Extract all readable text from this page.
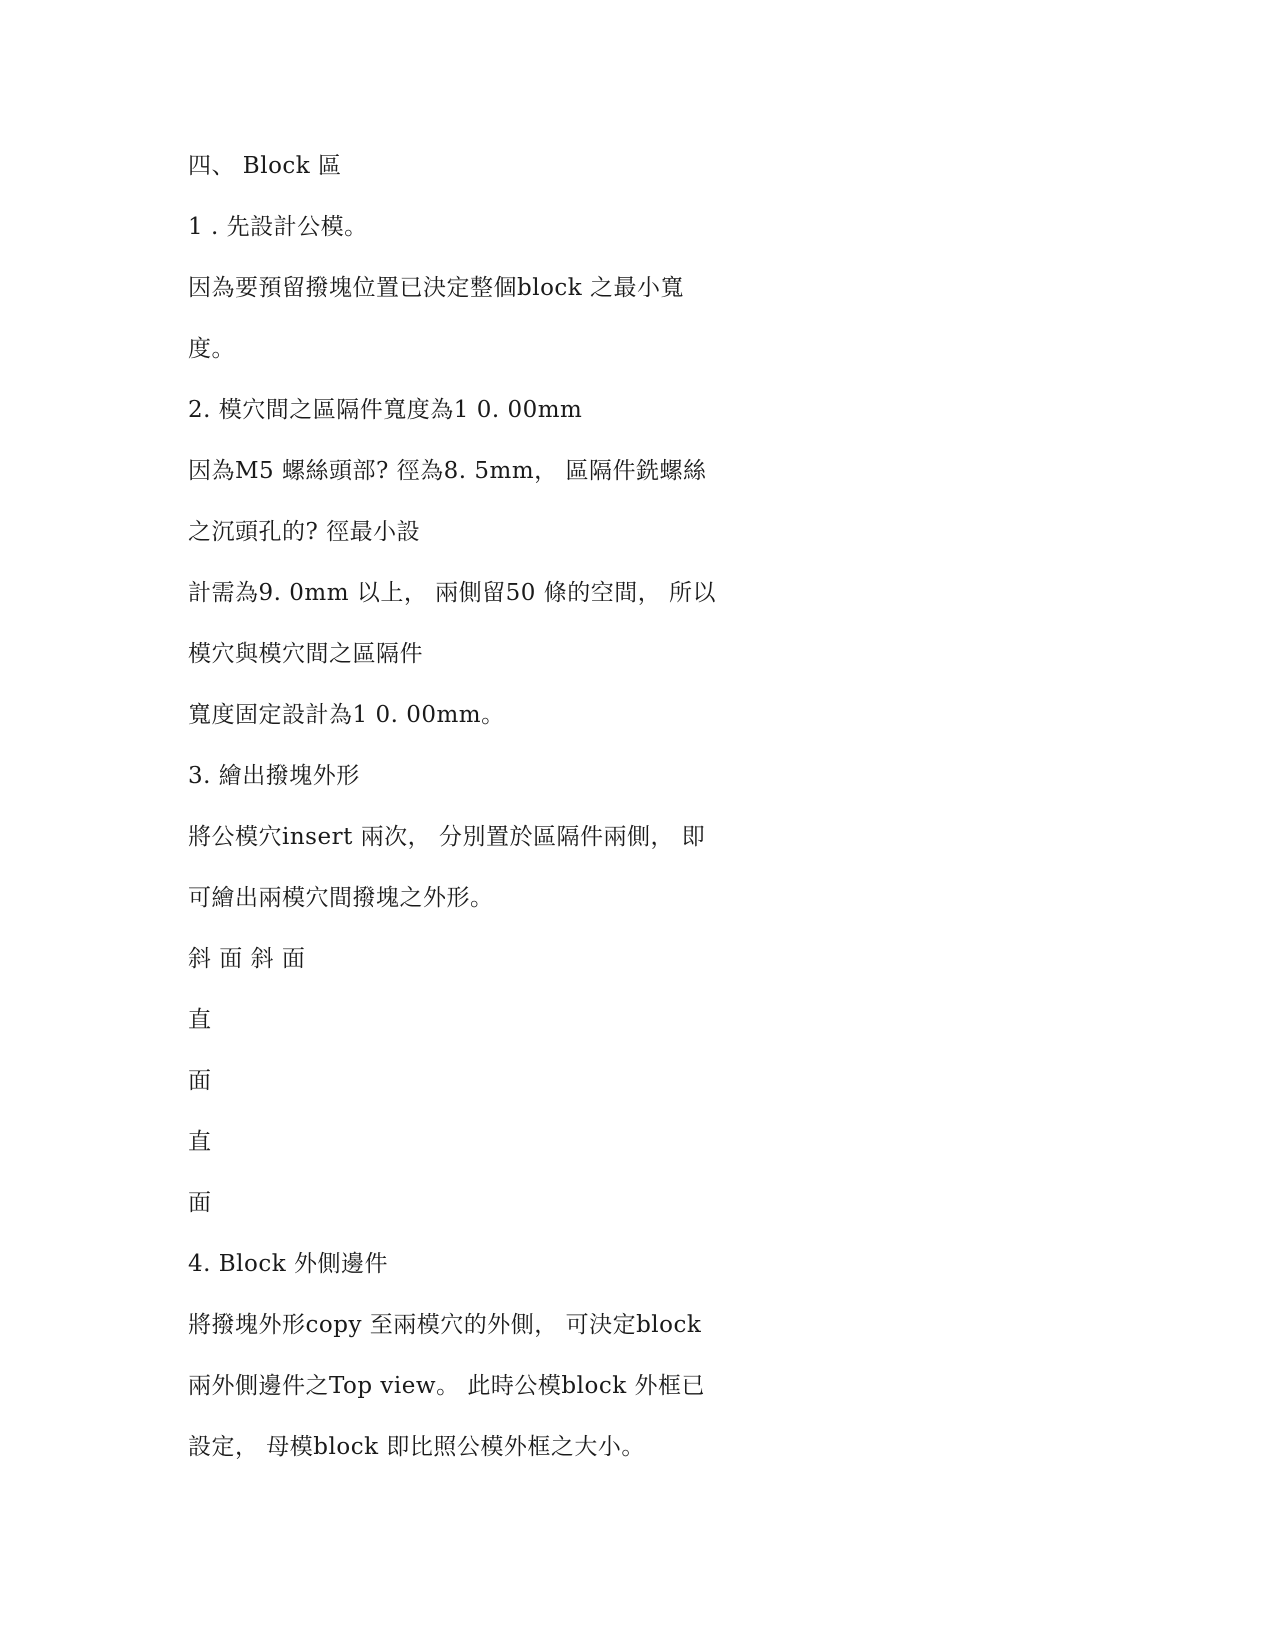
四、 Block 區
1 . 先設計公模。
因為要預留撥塊位置已決定整個block 之最小寬
度。
2. 模穴間之區隔件寬度為1 0. 00mm
因為M5 螺絲頭部? 徑為8. 5mm， 區隔件銑螺絲
之沉頭孔的? 徑最小設
計需為9. 0mm 以上， 兩側留50 條的空間， 所以
模穴與模穴間之區隔件
寬度固定設計為1 0. 00mm。
3. 繪出撥塊外形
將公模穴insert 兩次， 分別置於區隔件兩側， 即
可繪出兩模穴間撥塊之外形。
斜 面 斜 面
直
面
直
面
4. Block 外側邊件
將撥塊外形copy 至兩模穴的外側， 可決定block
兩外側邊件之Top view。 此時公模block 外框已
設定， 母模block 即比照公模外框之大小。
